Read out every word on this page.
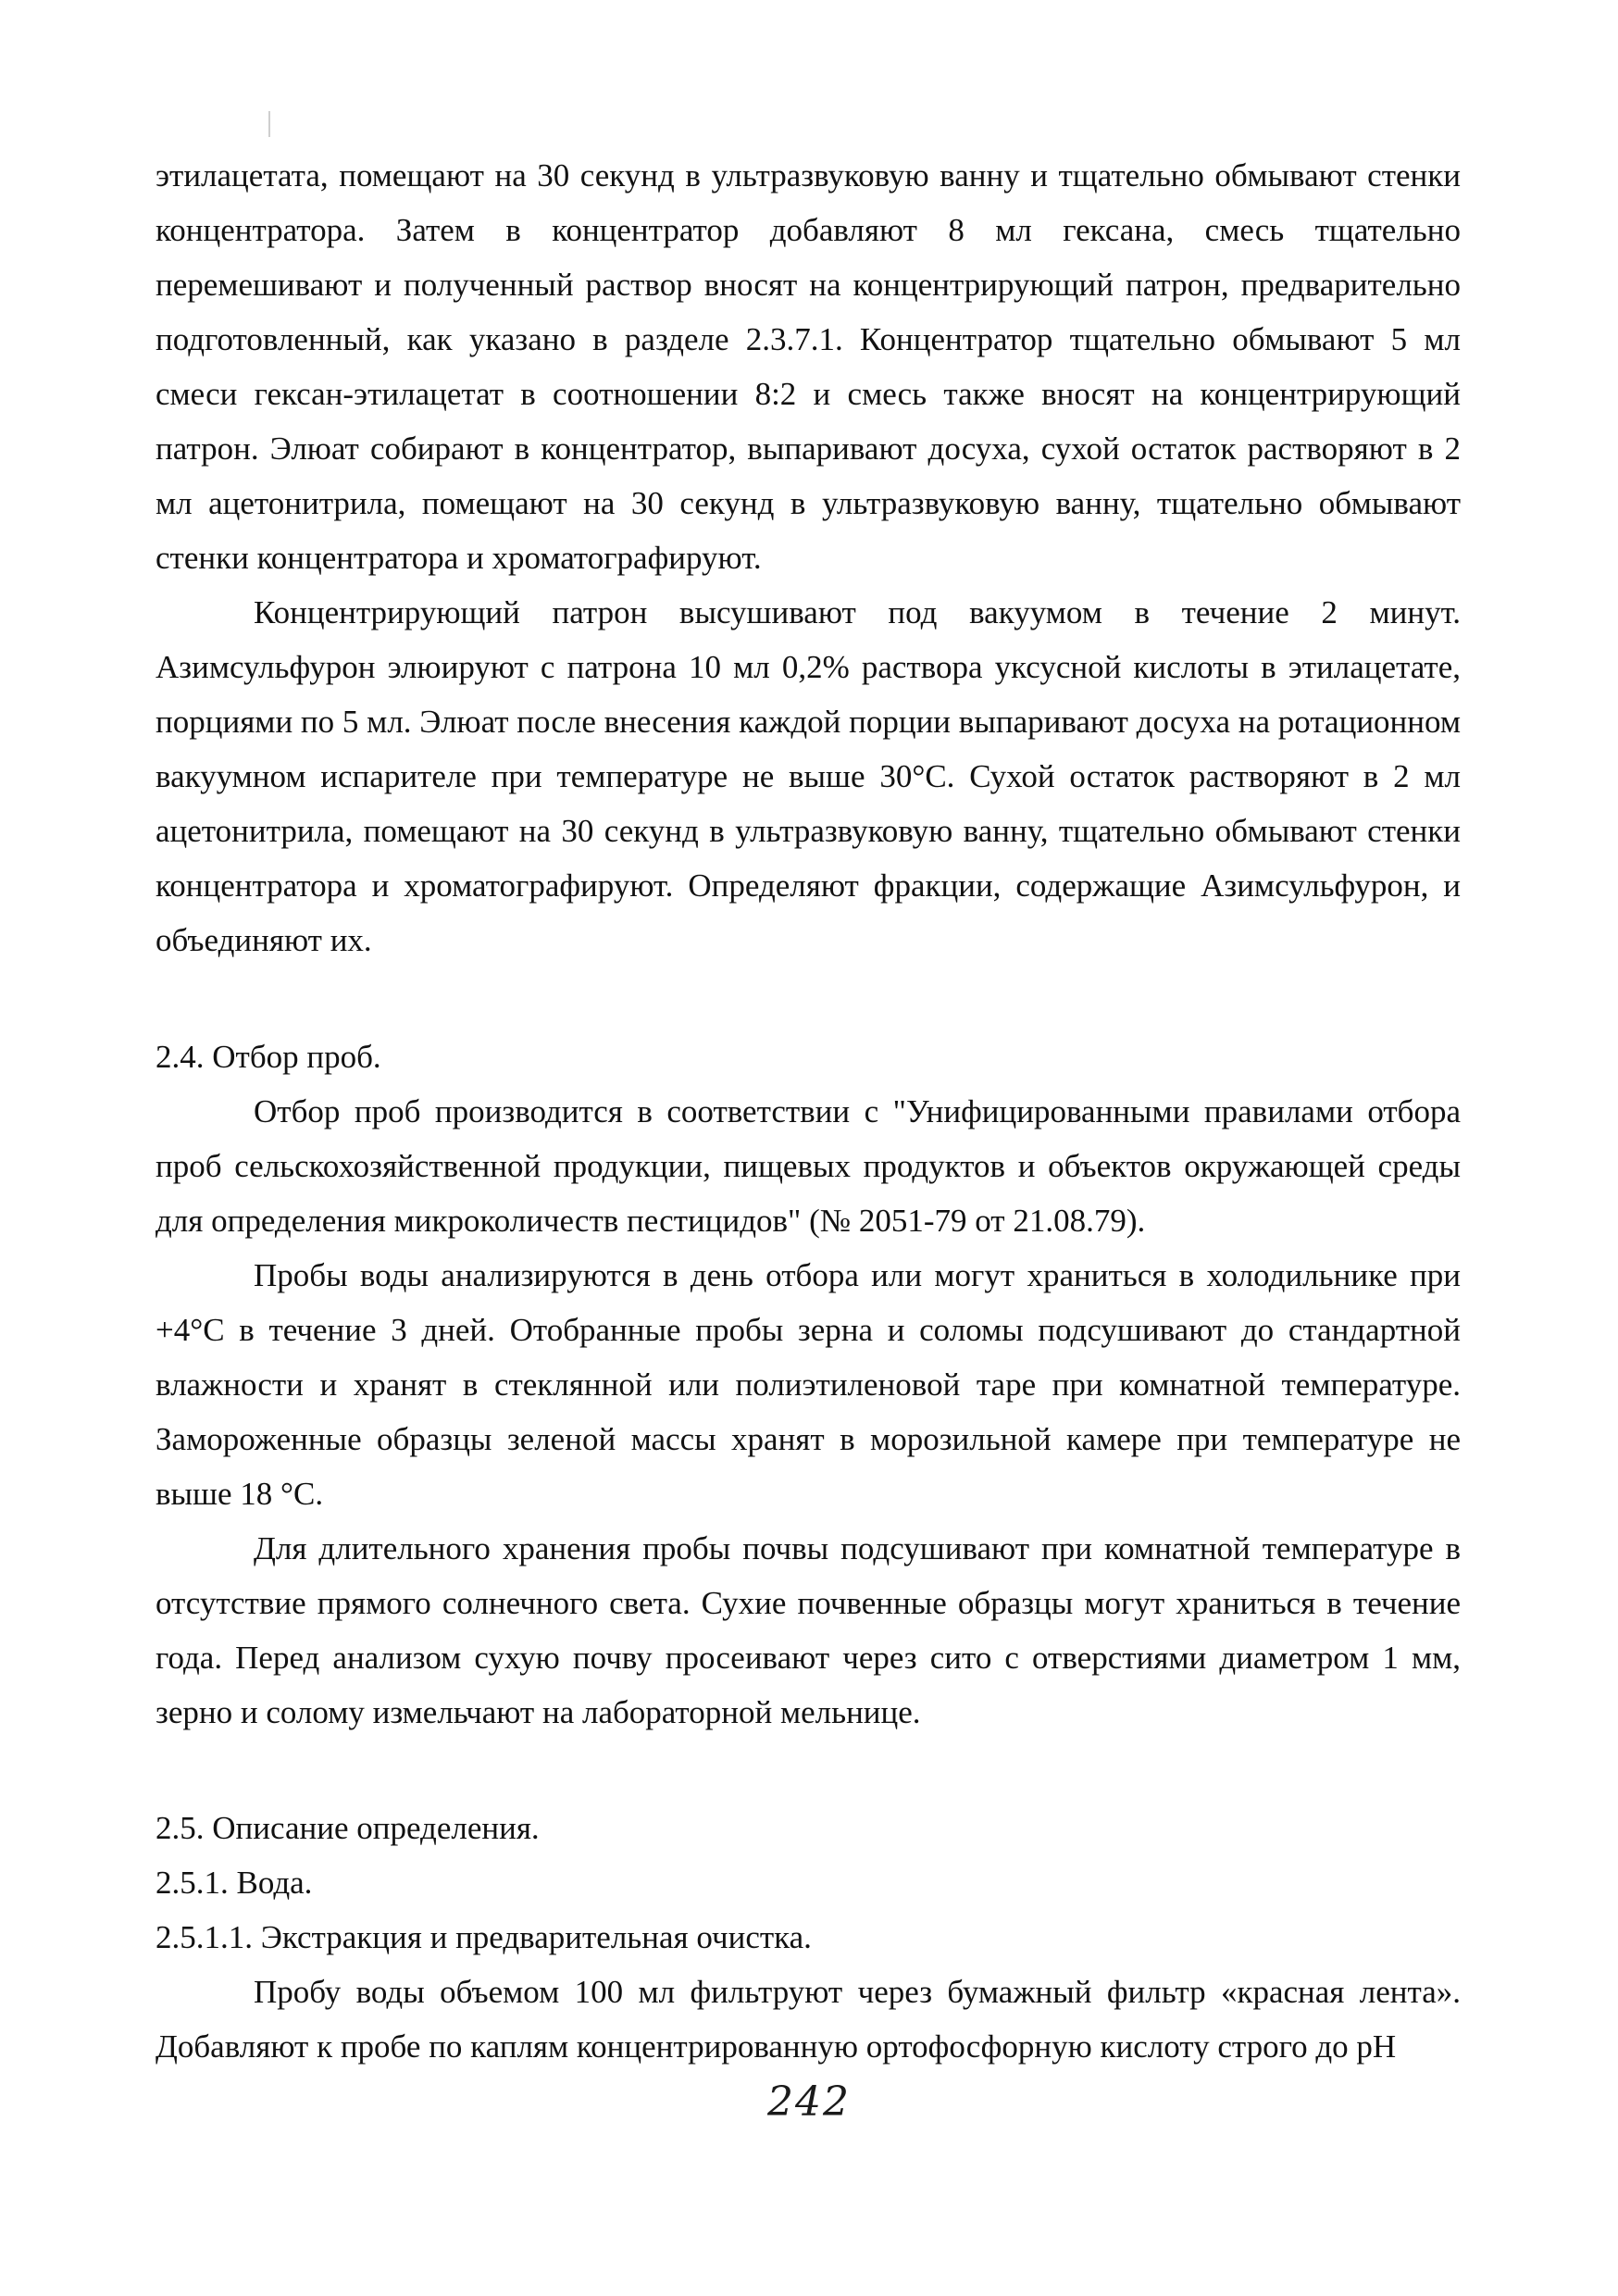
этилацетата, помещают на 30 секунд в ультразвуковую ванну и тщательно обмывают стенки концентратора. Затем в концентратор добавляют 8 мл гексана, смесь тщательно перемешивают и полученный раствор вносят на концентрирующий патрон, предварительно подготовленный, как указано в разделе 2.3.7.1. Концентратор тщательно обмывают 5 мл смеси гексан-этилацетат в соотношении 8:2 и смесь также вносят на концентрирующий патрон. Элюат собирают в концентратор, выпаривают досуха, сухой остаток растворяют в 2 мл ацетонитрила, помещают на 30 секунд в ультразвуковую ванну, тщательно обмывают стенки концентратора и хроматографируют.

Концентрирующий патрон высушивают под вакуумом в течение 2 минут. Азимсульфурон элюируют с патрона 10 мл 0,2% раствора уксусной кислоты в этилацетате, порциями по 5 мл. Элюат после внесения каждой порции выпаривают досуха на ротационном вакуумном испарителе при температуре не выше 30°С. Сухой остаток растворяют в 2 мл ацетонитрила, помещают на 30 секунд в ультразвуковую ванну, тщательно обмывают стенки концентратора и хроматографируют. Определяют фракции, содержащие Азимсульфурон, и объединяют их.

2.4. Отбор проб.

Отбор проб производится в соответствии с "Унифицированными правилами отбора проб сельскохозяйственной продукции, пищевых продуктов и объектов окружающей среды для определения микроколичеств пестицидов" (№ 2051-79 от 21.08.79).

Пробы воды анализируются в день отбора или могут храниться в холодильнике при +4°С в течение 3 дней. Отобранные пробы зерна и соломы подсушивают до стандартной влажности и хранят в стеклянной или полиэтиленовой таре при комнатной температуре. Замороженные образцы зеленой массы хранят в морозильной камере при температуре не выше 18 °С.

Для длительного хранения пробы почвы подсушивают при комнатной температуре в отсутствие прямого солнечного света. Сухие почвенные образцы могут храниться в течение года. Перед анализом сухую почву просеивают через сито с отверстиями диаметром 1 мм, зерно и солому измельчают на лабораторной мельнице.

2.5. Описание определения.
2.5.1. Вода.
2.5.1.1. Экстракция и предварительная очистка.

Пробу воды объемом 100 мл фильтруют через бумажный фильтр «красная лента». Добавляют к пробе по каплям концентрированную ортофосфорную кислоту строго до рН

242
